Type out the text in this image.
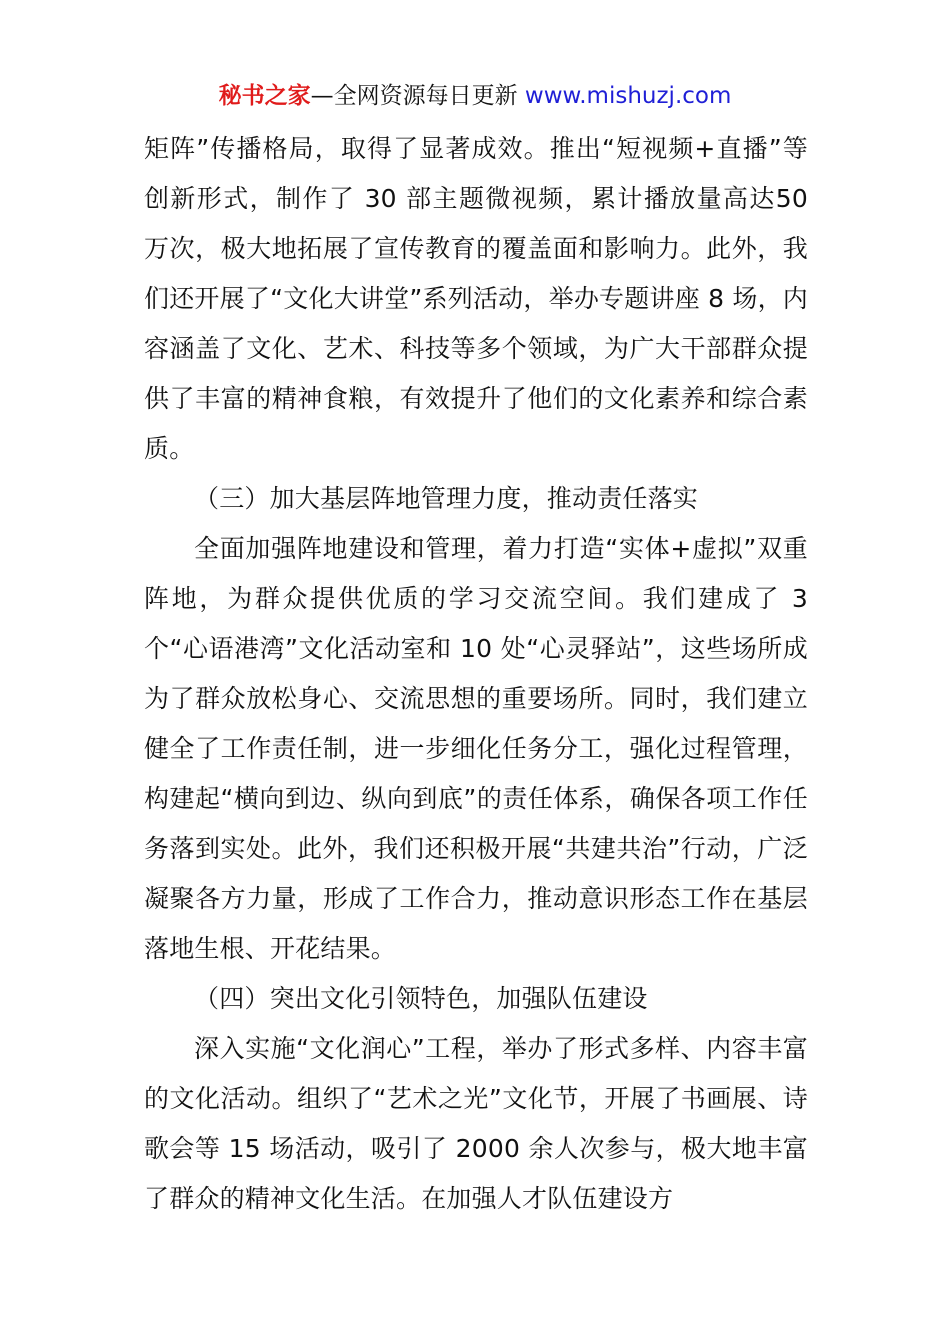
秘书之家—全网资源每日更新 www.mishuzj.com

矩阵”传播格局，取得了显著成效。推出“短视频+直播”等创新形式，制作了 30 部主题微视频，累计播放量高达50 万次，极大地拓展了宣传教育的覆盖面和影响力。此外，我们还开展了“文化大讲堂”系列活动，举办专题讲座 8 场，内容涵盖了文化、艺术、科技等多个领域，为广大干部群众提供了丰富的精神食粮，有效提升了他们的文化素养和综合素质。

（三）加大基层阵地管理力度，推动责任落实

全面加强阵地建设和管理，着力打造“实体+虚拟”双重阵地，为群众提供优质的学习交流空间。我们建成了 3个“心语港湾”文化活动室和 10 处“心灵驿站”，这些场所成为了群众放松身心、交流思想的重要场所。同时，我们建立健全了工作责任制，进一步细化任务分工，强化过程管理，构建起“横向到边、纵向到底”的责任体系，确保各项工作任务落到实处。此外，我们还积极开展“共建共治”行动，广泛凝聚各方力量，形成了工作合力，推动意识形态工作在基层落地生根、开花结果。

（四）突出文化引领特色，加强队伍建设

深入实施“文化润心”工程，举办了形式多样、内容丰富的文化活动。组织了“艺术之光”文化节，开展了书画展、诗歌会等 15 场活动，吸引了 2000 余人次参与，极大地丰富了群众的精神文化生活。在加强人才队伍建设方
